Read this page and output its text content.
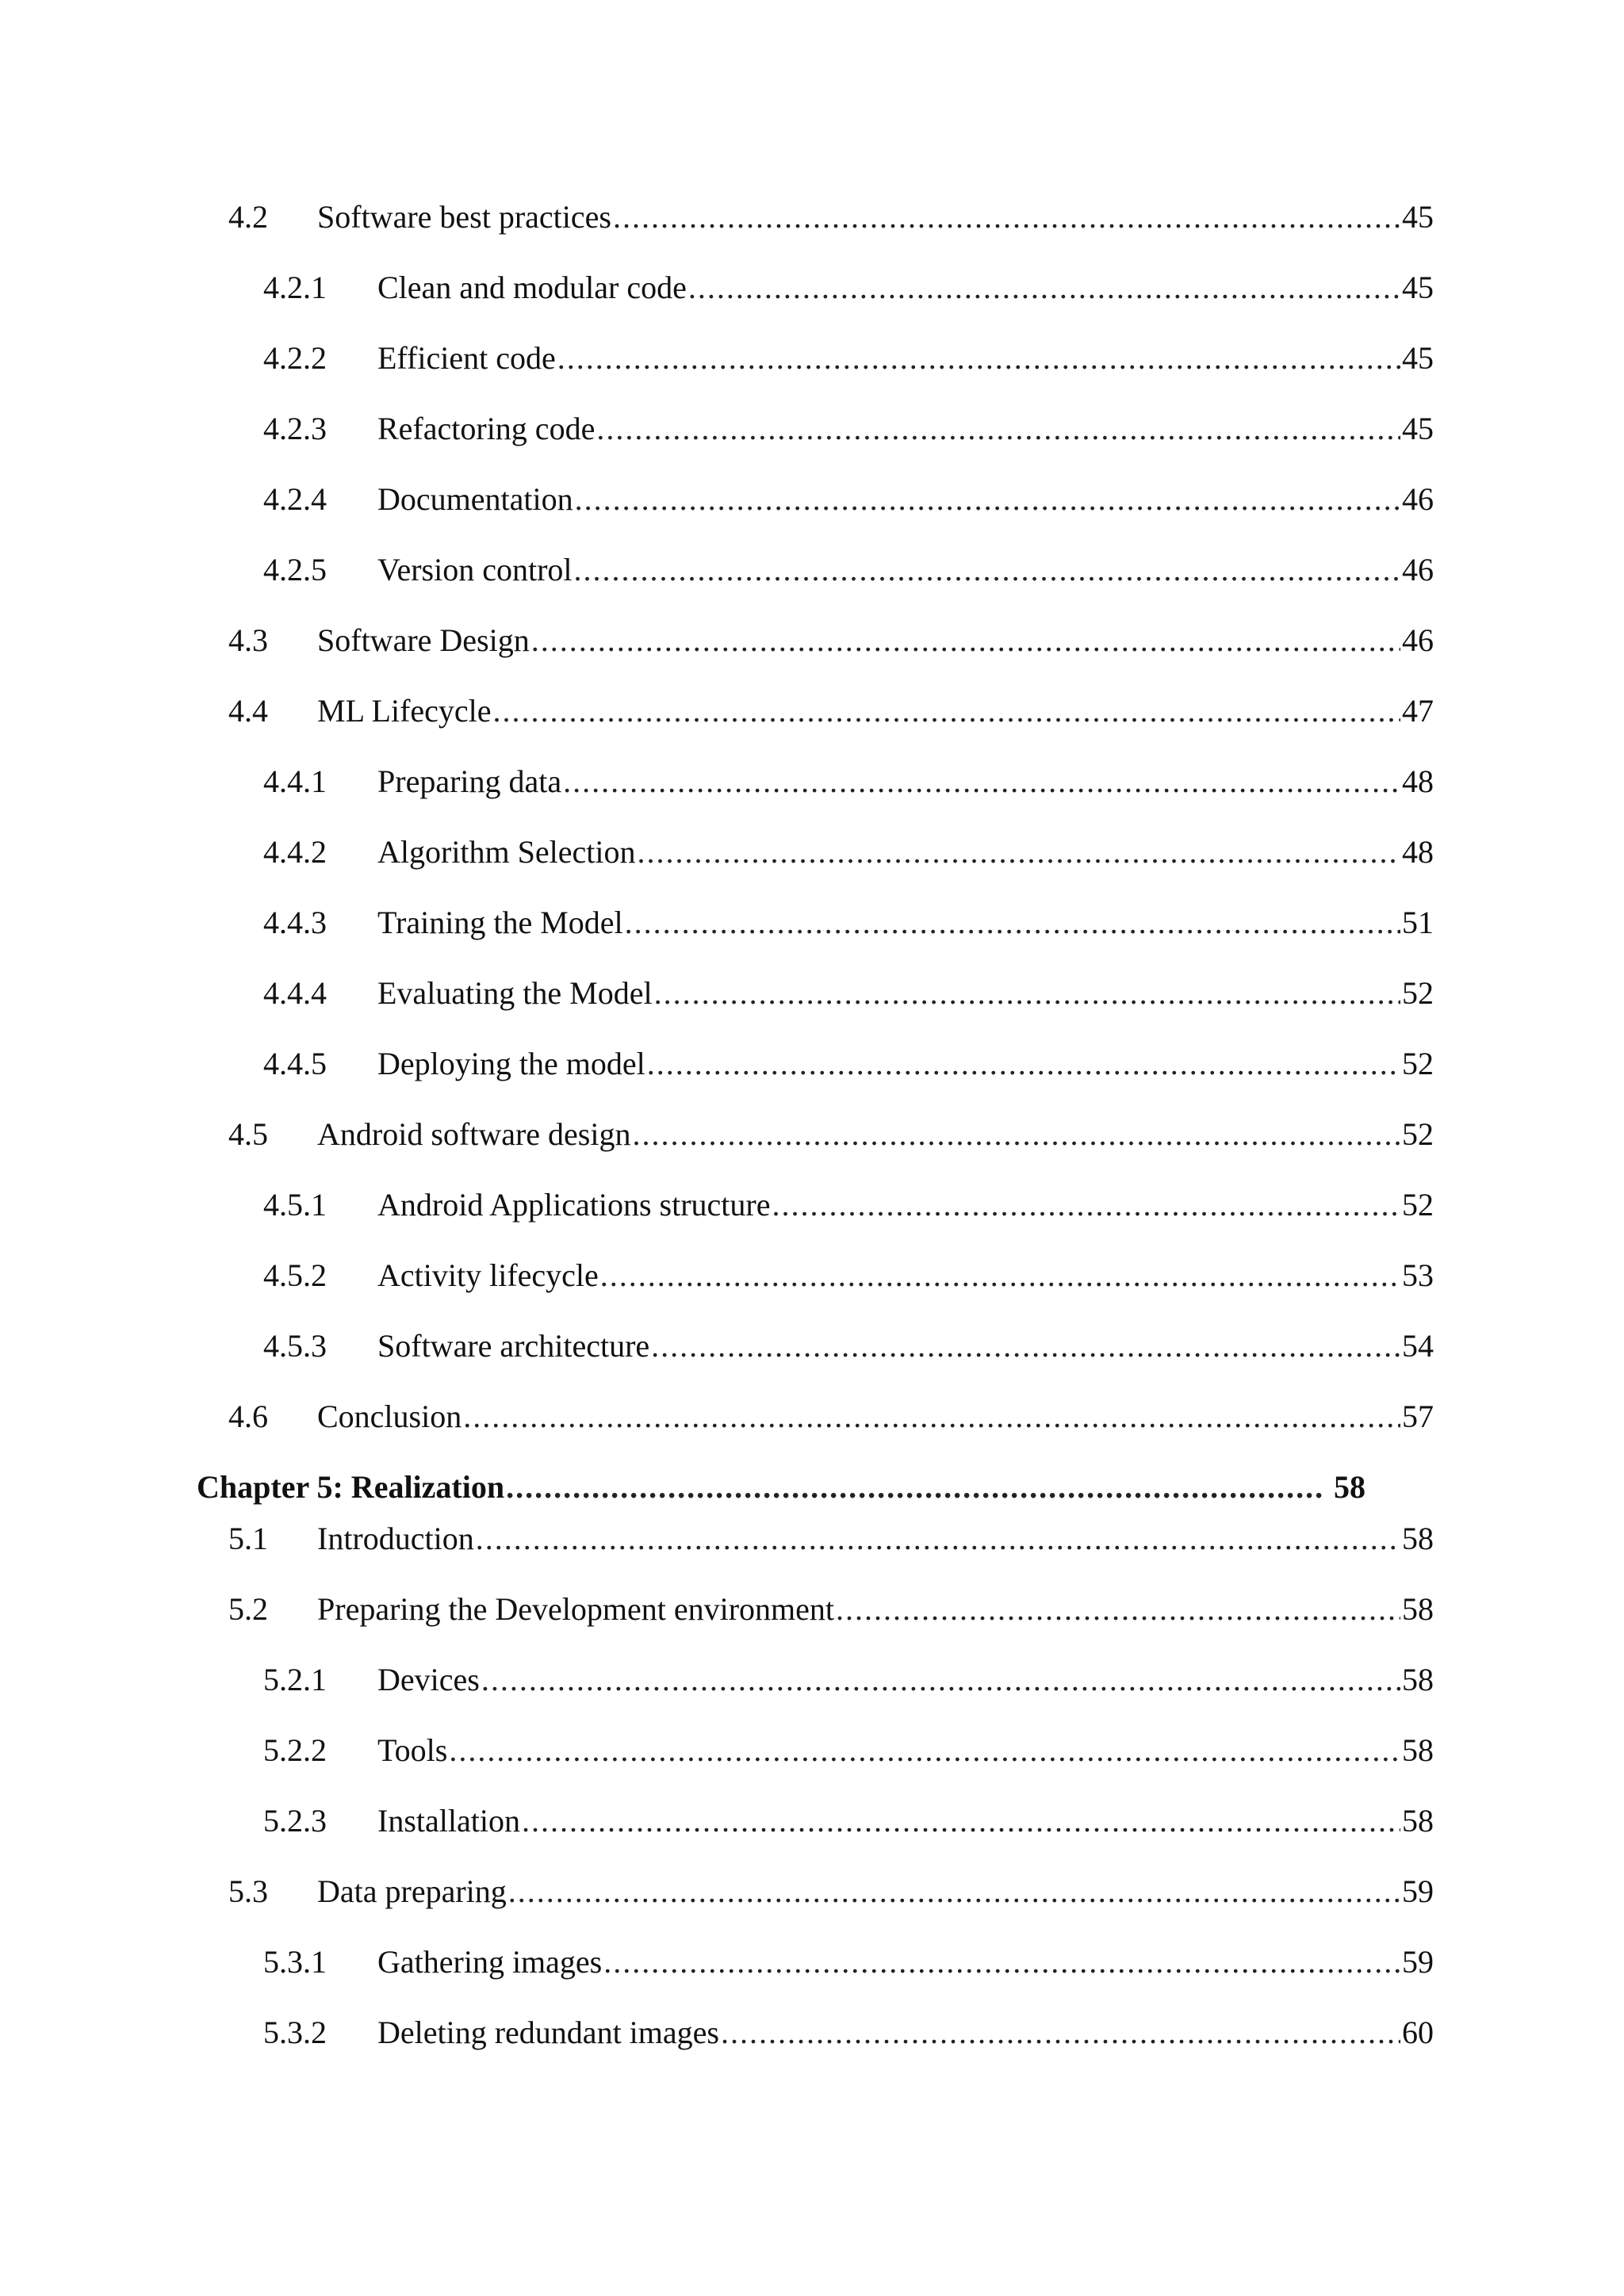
4.2	Software best practices .....	45
4.2.1	Clean and modular code .....	45
4.2.2	Efficient code .....	45
4.2.3	Refactoring code .....	45
4.2.4	Documentation .....	46
4.2.5	Version control .....	46
4.3	Software Design .....	46
4.4	ML Lifecycle .....	47
4.4.1	Preparing data .....	48
4.4.2	Algorithm Selection .....	48
4.4.3	Training the Model .....	51
4.4.4	Evaluating the Model .....	52
4.4.5	Deploying the model .....	52
4.5	Android software design .....	52
4.5.1	Android Applications structure .....	52
4.5.2	Activity lifecycle .....	53
4.5.3	Software architecture .....	54
4.6	Conclusion .....	57
Chapter 5: Realization .....	58
5.1	Introduction .....	58
5.2	Preparing the Development environment .....	58
5.2.1	Devices .....	58
5.2.2	Tools .....	58
5.2.3	Installation .....	58
5.3	Data preparing .....	59
5.3.1	Gathering images .....	59
5.3.2	Deleting redundant images .....	60
